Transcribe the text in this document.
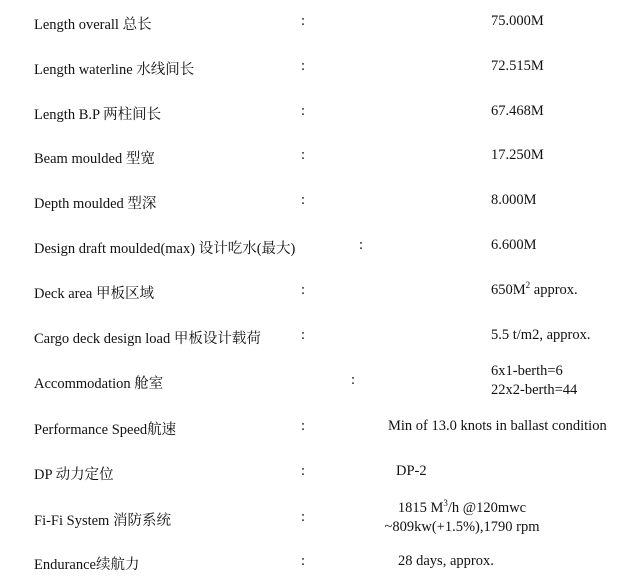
Length overall 总长	:	75.000M
Length waterline 水线间长	:	72.515M
Length B.P 两柱间长	:	67.468M
Beam moulded 型宽	:	17.250M
Depth moulded 型深	:	8.000M
Design draft moulded(max) 设计吃水(最大)	:	6.600M
Deck area 甲板区域	:	$650M^2$ approx.
Cargo deck design load 甲板设计载荷	:	5.5 t/m2, approx.
Accommodation 舱室	:
6x1-berth=6
22x2-berth=44
Performance Speed航速	:	Min of 13.0 knots in ballast condition
DP 动力定位	:	DP-2
Fi-Fi System 消防系统	:
1815 $M^3/h$ @120mwc
~809kw(+1.5%),1790 rpm
Endurance续航力	:	28 days, approx.
